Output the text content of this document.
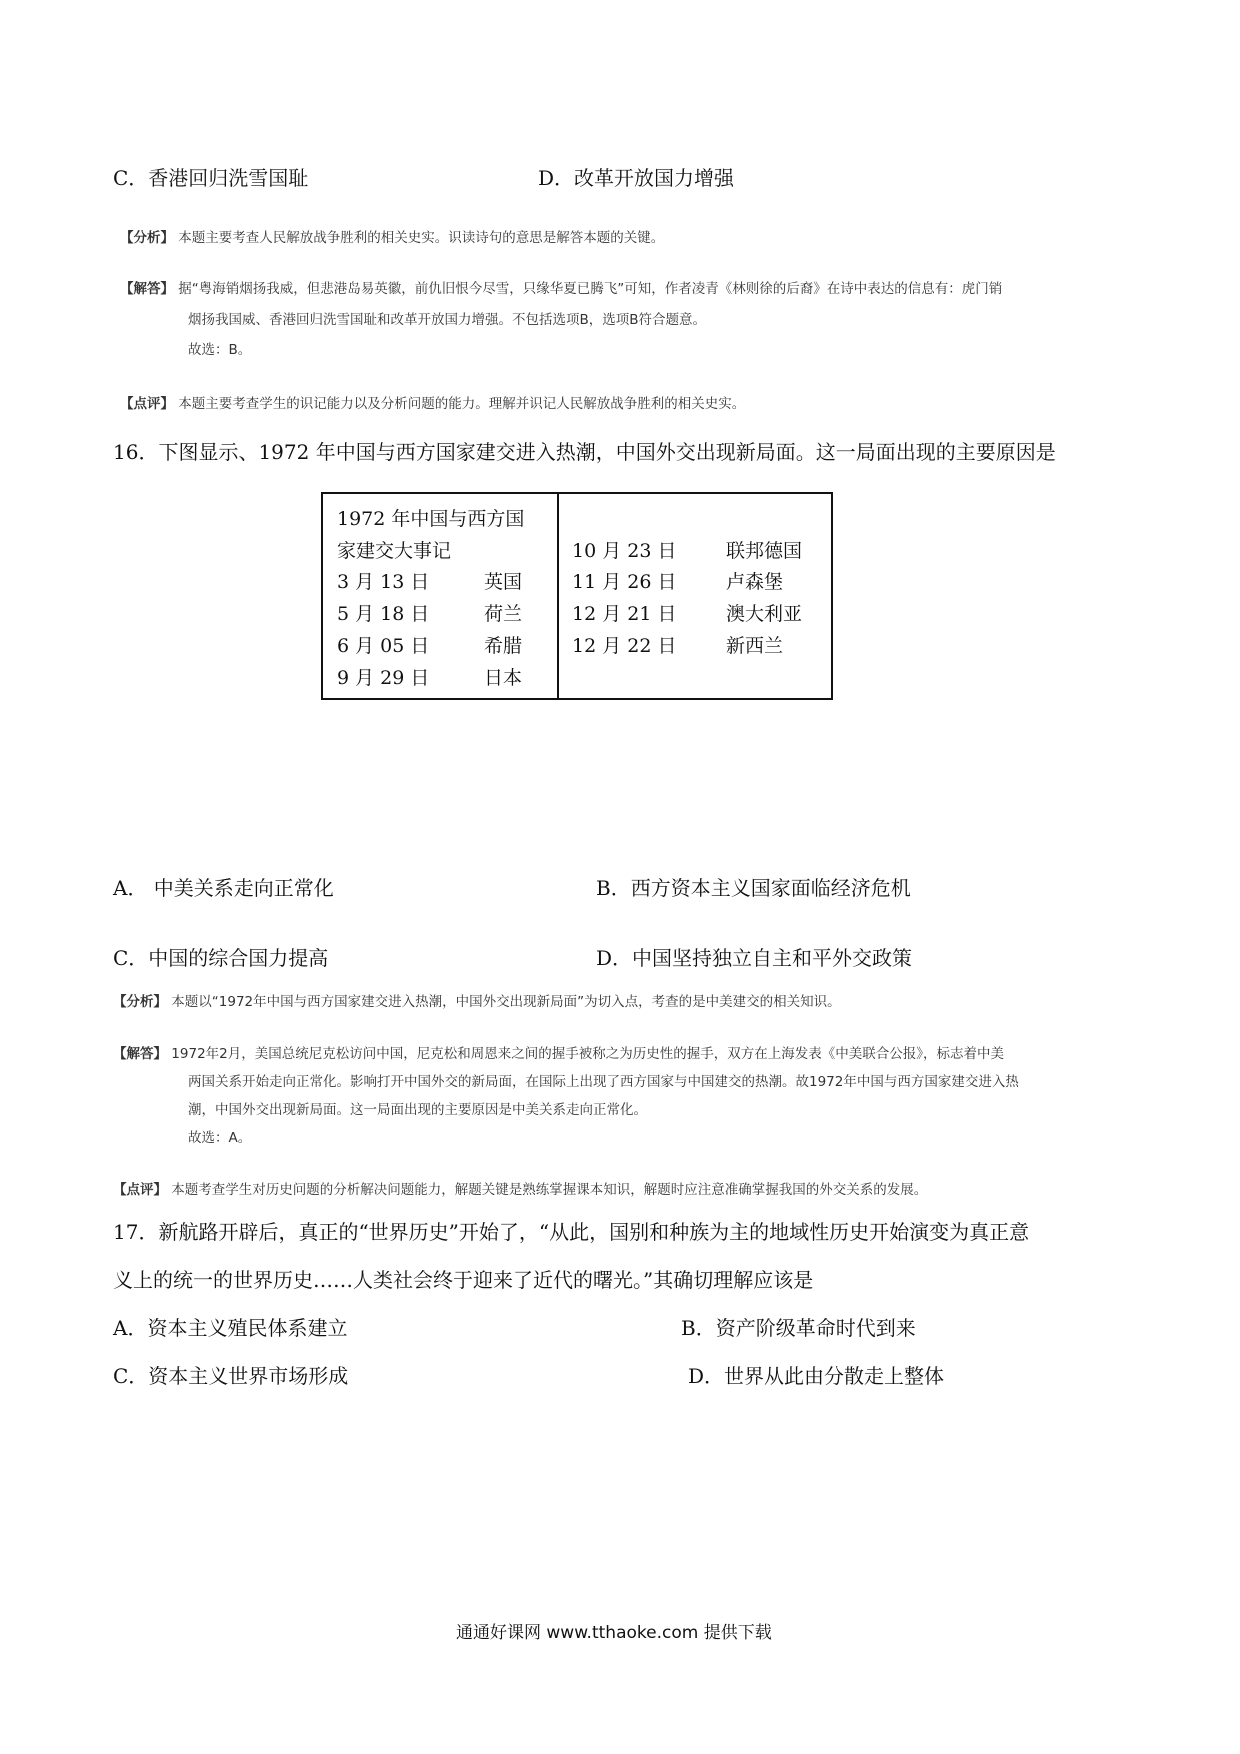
C．香港回归洗雪国耻	D．改革开放国力增强
【分析】 本题主要考查人民解放战争胜利的相关史实。识读诗句的意思是解答本题的关键。
【解答】 据“粤海销烟扬我威，但悲港岛易英徽，前仇旧恨今尽雪，只缘华夏已腾飞”可知，作者凌青《林则徐的后裔》在诗中表达的信息有：虎门销
烟扬我国威、香港回归洗雪国耻和改革开放国力增强。不包括选项B，选项B符合题意。
故选：B。
【点评】 本题主要考查学生的识记能力以及分析问题的能力。理解并识记人民解放战争胜利的相关史实。
16．下图显示、1972 年中国与西方国家建交进入热潮，中国外交出现新局面。这一局面出现的主要原因是
1972 年中国与西方国
家建交大事记
3 月 13 日	英国
5 月 18 日	荷兰
6 月 05 日	希腊
9 月 29 日	日本
10 月 23 日	联邦德国
11 月 26 日	卢森堡
12 月 21 日	澳大利亚
12 月 22 日	新西兰
A． 中美关系走向正常化	B．西方资本主义国家面临经济危机
C．中国的综合国力提高	D．中国坚持独立自主和平外交政策
【分析】 本题以“1972年中国与西方国家建交进入热潮，中国外交出现新局面”为切入点，考查的是中美建交的相关知识。
【解答】 1972年2月，美国总统尼克松访问中国，尼克松和周恩来之间的握手被称之为历史性的握手，双方在上海发表《中美联合公报》，标志着中美
两国关系开始走向正常化。影响打开中国外交的新局面，在国际上出现了西方国家与中国建交的热潮。故1972年中国与西方国家建交进入热
潮，中国外交出现新局面。这一局面出现的主要原因是中美关系走向正常化。
故选：A。
【点评】 本题考查学生对历史问题的分析解决问题能力，解题关键是熟练掌握课本知识，解题时应注意准确掌握我国的外交关系的发展。
17．新航路开辟后，真正的“世界历史”开始了，“从此，国别和种族为主的地域性历史开始演变为真正意
义上的统一的世界历史……人类社会终于迎来了近代的曙光。”其确切理解应该是
A．资本主义殖民体系建立	B．资产阶级革命时代到来
C．资本主义世界市场形成	D．世界从此由分散走上整体
通通好课网 www.tthaoke.com 提供下载
